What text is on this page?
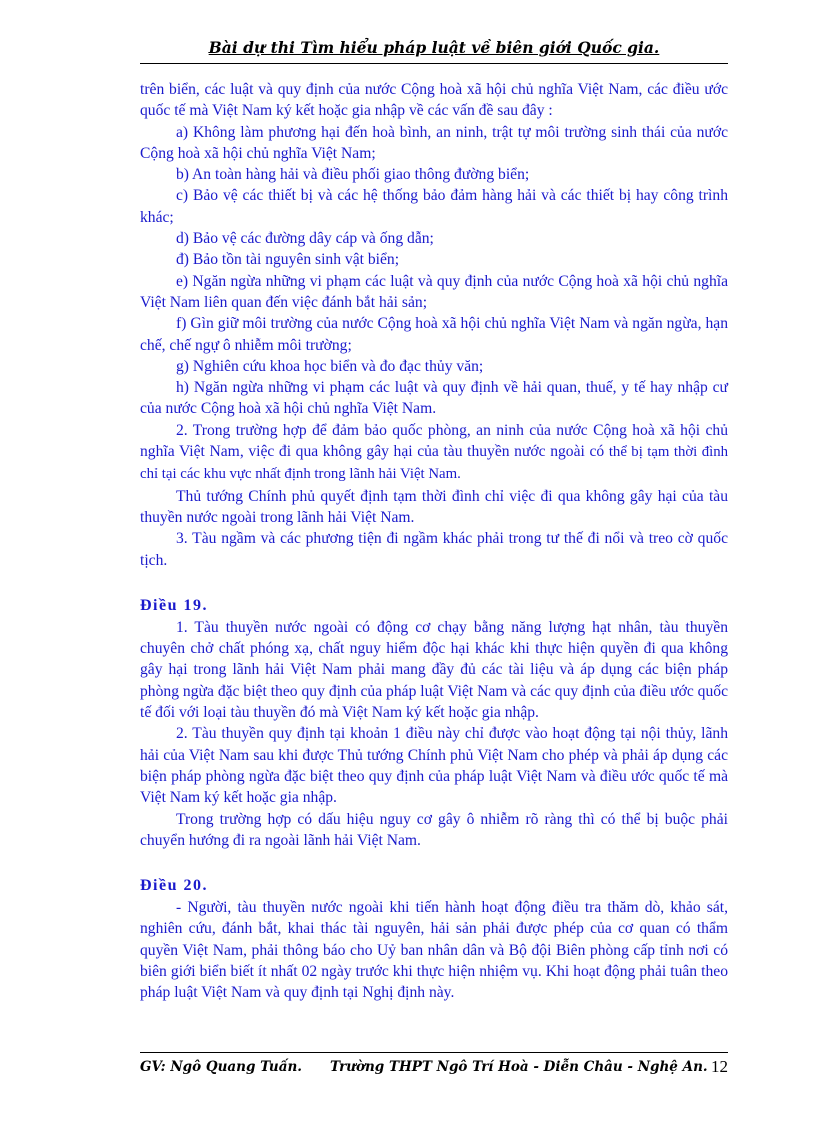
Bài dự thi Tìm hiểu pháp luật về biên giới Quốc gia.

trên biển, các luật và quy định của nước Cộng hoà xã hội chủ nghĩa Việt Nam, các điều ước quốc tế mà Việt Nam ký kết hoặc gia nhập về các vấn đề sau đây :

a) Không làm phương hại đến hoà bình, an ninh, trật tự môi trường sinh thái của nước Cộng hoà xã hội chủ nghĩa Việt Nam;

b) An toàn hàng hải và điều phối giao thông đường biển;

c) Bảo vệ các thiết bị và các hệ thống bảo đảm hàng hải và các thiết bị hay công trình khác;

d) Bảo vệ các đường dây cáp và ống dẫn;

đ) Bảo tồn tài nguyên sinh vật biển;

e) Ngăn ngừa những vi phạm các luật và quy định của nước Cộng hoà xã hội chủ nghĩa Việt Nam liên quan đến việc đánh bắt hải sản;

f) Gìn giữ môi trường của nước Cộng hoà xã hội chủ nghĩa Việt Nam và ngăn ngừa, hạn chế, chế ngự ô nhiễm môi trường;

g) Nghiên cứu khoa học biển và đo đạc thủy văn;

h) Ngăn ngừa những vi phạm các luật và quy định về hải quan, thuế, y tế hay nhập cư của nước Cộng hoà xã hội chủ nghĩa Việt Nam.

2. Trong trường hợp để đảm bảo quốc phòng, an ninh của nước Cộng hoà xã hội chủ nghĩa Việt Nam, việc đi qua không gây hại của tàu thuyền nước ngoài có thể bị tạm thời đình chỉ tại các khu vực nhất định trong lãnh hải Việt Nam.

Thủ tướng Chính phủ quyết định tạm thời đình chỉ việc đi qua không gây hại của tàu thuyền nước ngoài trong lãnh hải Việt Nam.

3. Tàu ngầm và các phương tiện đi ngầm khác phải trong tư thế đi nổi và treo cờ quốc tịch.

Điều 19.

1. Tàu thuyền nước ngoài có động cơ chạy bằng năng lượng hạt nhân, tàu thuyền chuyên chở chất phóng xạ, chất nguy hiểm độc hại khác khi thực hiện quyền đi qua không gây hại trong lãnh hải Việt Nam phải mang đầy đủ các tài liệu và áp dụng các biện pháp phòng ngừa đặc biệt theo quy định của pháp luật Việt Nam và các quy định của điều ước quốc tế đối với loại tàu thuyền đó mà Việt Nam ký kết hoặc gia nhập.

2. Tàu thuyền quy định tại khoản 1 điều này chỉ được vào hoạt động tại nội thủy, lãnh hải của Việt Nam sau khi được Thủ tướng Chính phủ Việt Nam cho phép và phải áp dụng các biện pháp phòng ngừa đặc biệt theo quy định của pháp luật Việt Nam và điều ước quốc tế mà Việt Nam ký kết hoặc gia nhập.

Trong trường hợp có dấu hiệu nguy cơ gây ô nhiễm rõ ràng thì có thể bị buộc phải chuyển hướng đi ra ngoài lãnh hải Việt Nam.

Điều 20.

- Người, tàu thuyền nước ngoài khi tiến hành hoạt động điều tra thăm dò, khảo sát, nghiên cứu, đánh bắt, khai thác tài nguyên, hải sản phải được phép của cơ quan có thẩm quyền Việt Nam, phải thông báo cho Uỷ ban nhân dân và Bộ đội Biên phòng cấp tỉnh nơi có biên giới biển biết ít nhất 02 ngày trước khi thực hiện nhiệm vụ. Khi hoạt động phải tuân theo pháp luật Việt Nam và quy định tại Nghị định này.

GV: Ngô Quang Tuấn. Trường THPT Ngô Trí Hoà - Diễn Châu - Nghệ An. 12
